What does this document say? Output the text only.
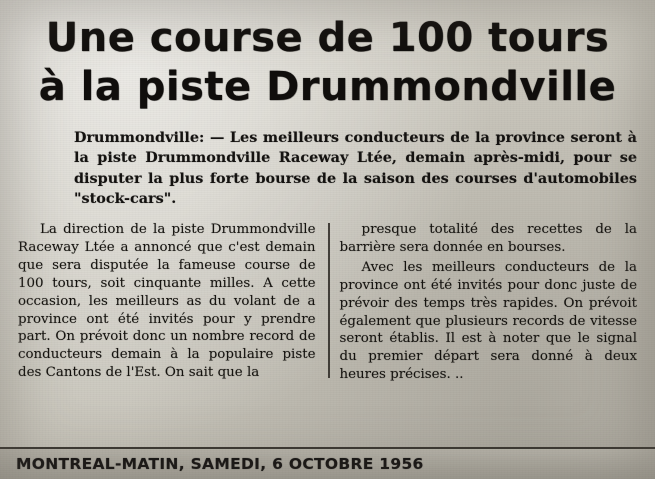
Une course de 100 tours
à la piste Drummondville
Drummondville: — Les meilleurs conducteurs de la province seront à la piste Drummondville Raceway Ltée, demain après-midi, pour se disputer la plus forte bourse de la saison des courses d'automobiles "stock-cars".

La direction de la piste Drummondville Raceway Ltée a annoncé que c'est demain que sera disputée la fameuse course de 100 tours, soit cinquante milles. A cette occasion, les meilleurs as du volant de a province ont été invités pour y prendre part. On prévoit donc un nombre record de conducteurs demain à la populaire piste des Cantons de l'Est. On sait que la

presque totalité des recettes de la barrière sera donnée en bourses.

Avec les meilleurs conducteurs de la province ont été invités pour donc juste de prévoir des temps très rapides. On prévoit également que plusieurs records de vitesse seront établis. Il est à noter que le signal du premier départ sera donné à deux heures précises. ..

MONTREAL-MATIN, SAMEDI, 6 OCTOBRE 1956
